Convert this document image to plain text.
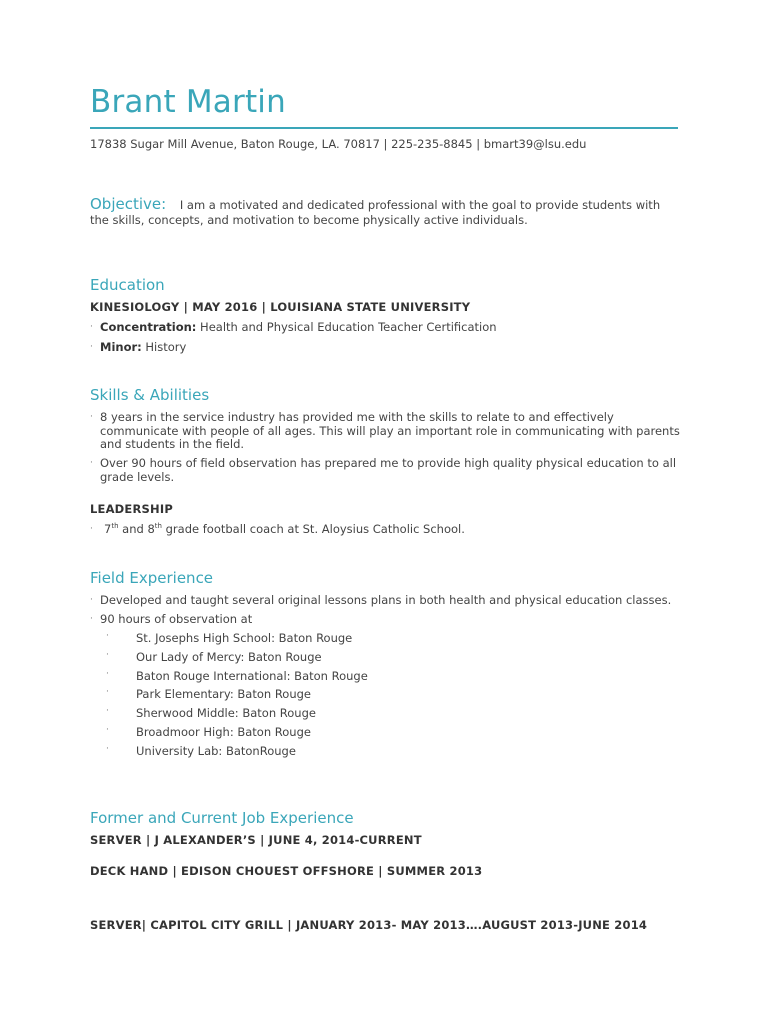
Brant Martin
17838 Sugar Mill Avenue, Baton Rouge, LA. 70817 | 225-235-8845 | bmart39@lsu.edu
Objective: I am a motivated and dedicated professional with the goal to provide students with the skills, concepts, and motivation to become physically active individuals.
Education
KINESIOLOGY | MAY 2016 | LOUISIANA STATE UNIVERSITY
· Concentration: Health and Physical Education Teacher Certification
· Minor: History
Skills & Abilities
· 8 years in the service industry has provided me with the skills to relate to and effectively communicate with people of all ages. This will play an important role in communicating with parents and students in the field.
· Over 90 hours of field observation has prepared me to provide high quality physical education to all grade levels.
LEADERSHIP
· 7th and 8th grade football coach at St. Aloysius Catholic School.
Field Experience
· Developed and taught several original lessons plans in both health and physical education classes.
· 90 hours of observation at
· St. Josephs High School: Baton Rouge
· Our Lady of Mercy: Baton Rouge
· Baton Rouge International: Baton Rouge
· Park Elementary: Baton Rouge
· Sherwood Middle: Baton Rouge
· Broadmoor High: Baton Rouge
· University Lab: BatonRouge
Former and Current Job Experience
SERVER | J ALEXANDER’S | JUNE 4, 2014-CURRENT
DECK HAND | EDISON CHOUEST OFFSHORE | SUMMER 2013
SERVER| CAPITOL CITY GRILL | JANUARY 2013- MAY 2013….AUGUST 2013-JUNE 2014
